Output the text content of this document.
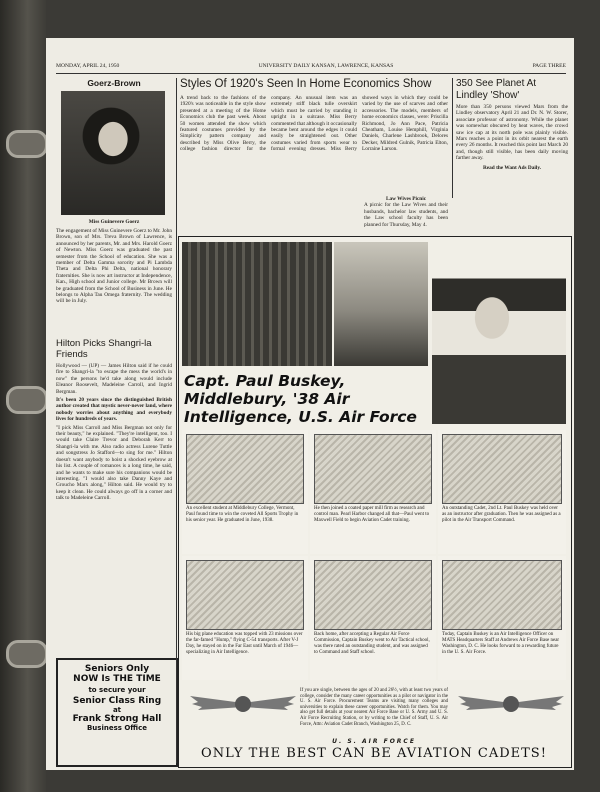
MONDAY, APRIL 24, 1950	UNIVERSITY DAILY KANSAN, LAWRENCE, KANSAS	PAGE THREE
Goerz-Brown
Miss Guinevere Goerz
The engagement of Miss Guinevere Goerz to Mr. John Brown, son of Mrs. Treva Brown of Lawrence, is announced by her parents, Mr. and Mrs. Harold Goerz of Newton. Miss Goerz was graduated the past semester from the School of education. She was a member of Delta Gamma sorority and Pi Lambda Theta and Delta Phi Delta, national honorary fraternities. She is now art instructor at Independence, Kan., High school and Junior college. Mr Brown will be graduated from the School of Business in June. He belongs to Alpha Tau Omega fraternity. The wedding will be in July.
Hilton Picks Shangri-la Friends
Hollywood — (UP) — James Hilton said if he could fire to Shangri-la "to escape the mess the world's in now" the persons he'd take along would include Eleanor Roosevelt, Madeleine Carroll, and Ingrid Bergman.
It's been 20 years since the distinguished British author created that mystic never-never land, where nobody worries about anything and everybody lives for hundreds of years.
"I pick Miss Carroll and Miss Bergman not only for their beauty," he explained. "They're intelligent, too. I would take Claire Trevor and Deborah Kerr to Shangri-la with me. Also radio actress Lurene Tuttle and songstress Jo Stafford—to sing for me." Hilton doesn't want anybody to hoist a shocked eyebrow at his list. A couple of romances is a long time, he said, and he wants to make sure his companions would be interesting. "I would also take Danny Kaye and Groucho Marx along," Hilton said. He would try to keep it clean. He could always go off in a corner and talk to Madeleine Carroll.
Seniors Only
NOW Is THE TIME
to secure your
Senior Class Ring
at
Frank Strong Hall
Business Office
Styles Of 1920's Seen In Home Economics Show
A trend back to the fashions of the 1920's was noticeable in the style show presented at a meeting of the Home Economics club the past week. About 50 women attended the show which featured costumes provided by the Simplicity pattern company and described by Miss Olive Berry, the college fashion director for the company. An unusual item was an extremely stiff black tulle overskirt which must be carried by standing it upright in a suitcase. Miss Berry commented that although it occasionally became bent around the edges it could easily be straightened out. Other costumes varied from sports wear to formal evening dresses. Miss Berry showed ways in which they could be varied by the use of scarves and other accessories. The models, members of home economics classes, were: Priscilla Richmond, Jo Ann Pace, Patricia Cheatham, Louise Hemphill, Virginia Daniels, Charlene Lashbrook, Delores Decker, Mildred Gulnik, Patricia Elton, Lorraine Larson.
Law Wives Picnic
A picnic for the Law Wives and their husbands, bachelor law students, and the Law school faculty has been planned for Thursday, May 4.
350 See Planet At Lindley 'Show'
More than 350 persons viewed Mars from the Lindley observatory April 21 and Dr. N. W. Storer, associate professor of astronomy. While the planet was somewhat obscured by heat waves, the crowd saw ice cap at its north pole was plainly visible. Mars reaches a point in its orbit nearest the earth every 26 months. It reached this point last March 20 and, though still visible, has been daily moving farther away.
Read the Want Ads Daily.
Capt. Paul Buskey, Middlebury, '38 Air Intelligence, U.S. Air Force
An excellent student at Middlebury College, Vermont, Paul found time to win the coveted All Sports Trophy in his senior year. He graduated in June, 1938.
He then joined a coated paper mill firm as research and control man. Pearl Harbor changed all that—Paul went to Maxwell Field to begin Aviation Cadet training.
An outstanding Cadet, 2nd Lt. Paul Buskey was held over as an instructor after graduation. Then he was assigned as a pilot in the Air Transport Command.
His big plane education was topped with 23 missions over the far-famed "Hump," flying C-54 transports. After V-J Day, he stayed on in the Far East until March of 1946—specializing in Air Intelligence.
Back home, after accepting a Regular Air Force Commission, Captain Buskey went to Air Tactical school, was there rated an outstanding student, and was assigned to Command and Staff school.
Today, Captain Buskey is an Air Intelligence Officer on MATS Headquarters Staff at Andrews Air Force Base near Washington, D. C. He looks forward to a rewarding future in the U. S. Air Force.
If you are single, between the ages of 20 and 26½, with at least two years of college, consider the many career opportunities as a pilot or navigator in the U. S. Air Force. Procurement Teams are visiting many colleges and universities to explain these career opportunities. Watch for them. You may also get full details at your nearest Air Force Base or U. S. Army and U. S. Air Force Recruiting Station, or by writing to the Chief of Staff, U. S. Air Force, Attn: Aviation Cadet Branch, Washington 25, D. C.
U. S. AIR FORCE
ONLY THE BEST CAN BE AVIATION CADETS!
